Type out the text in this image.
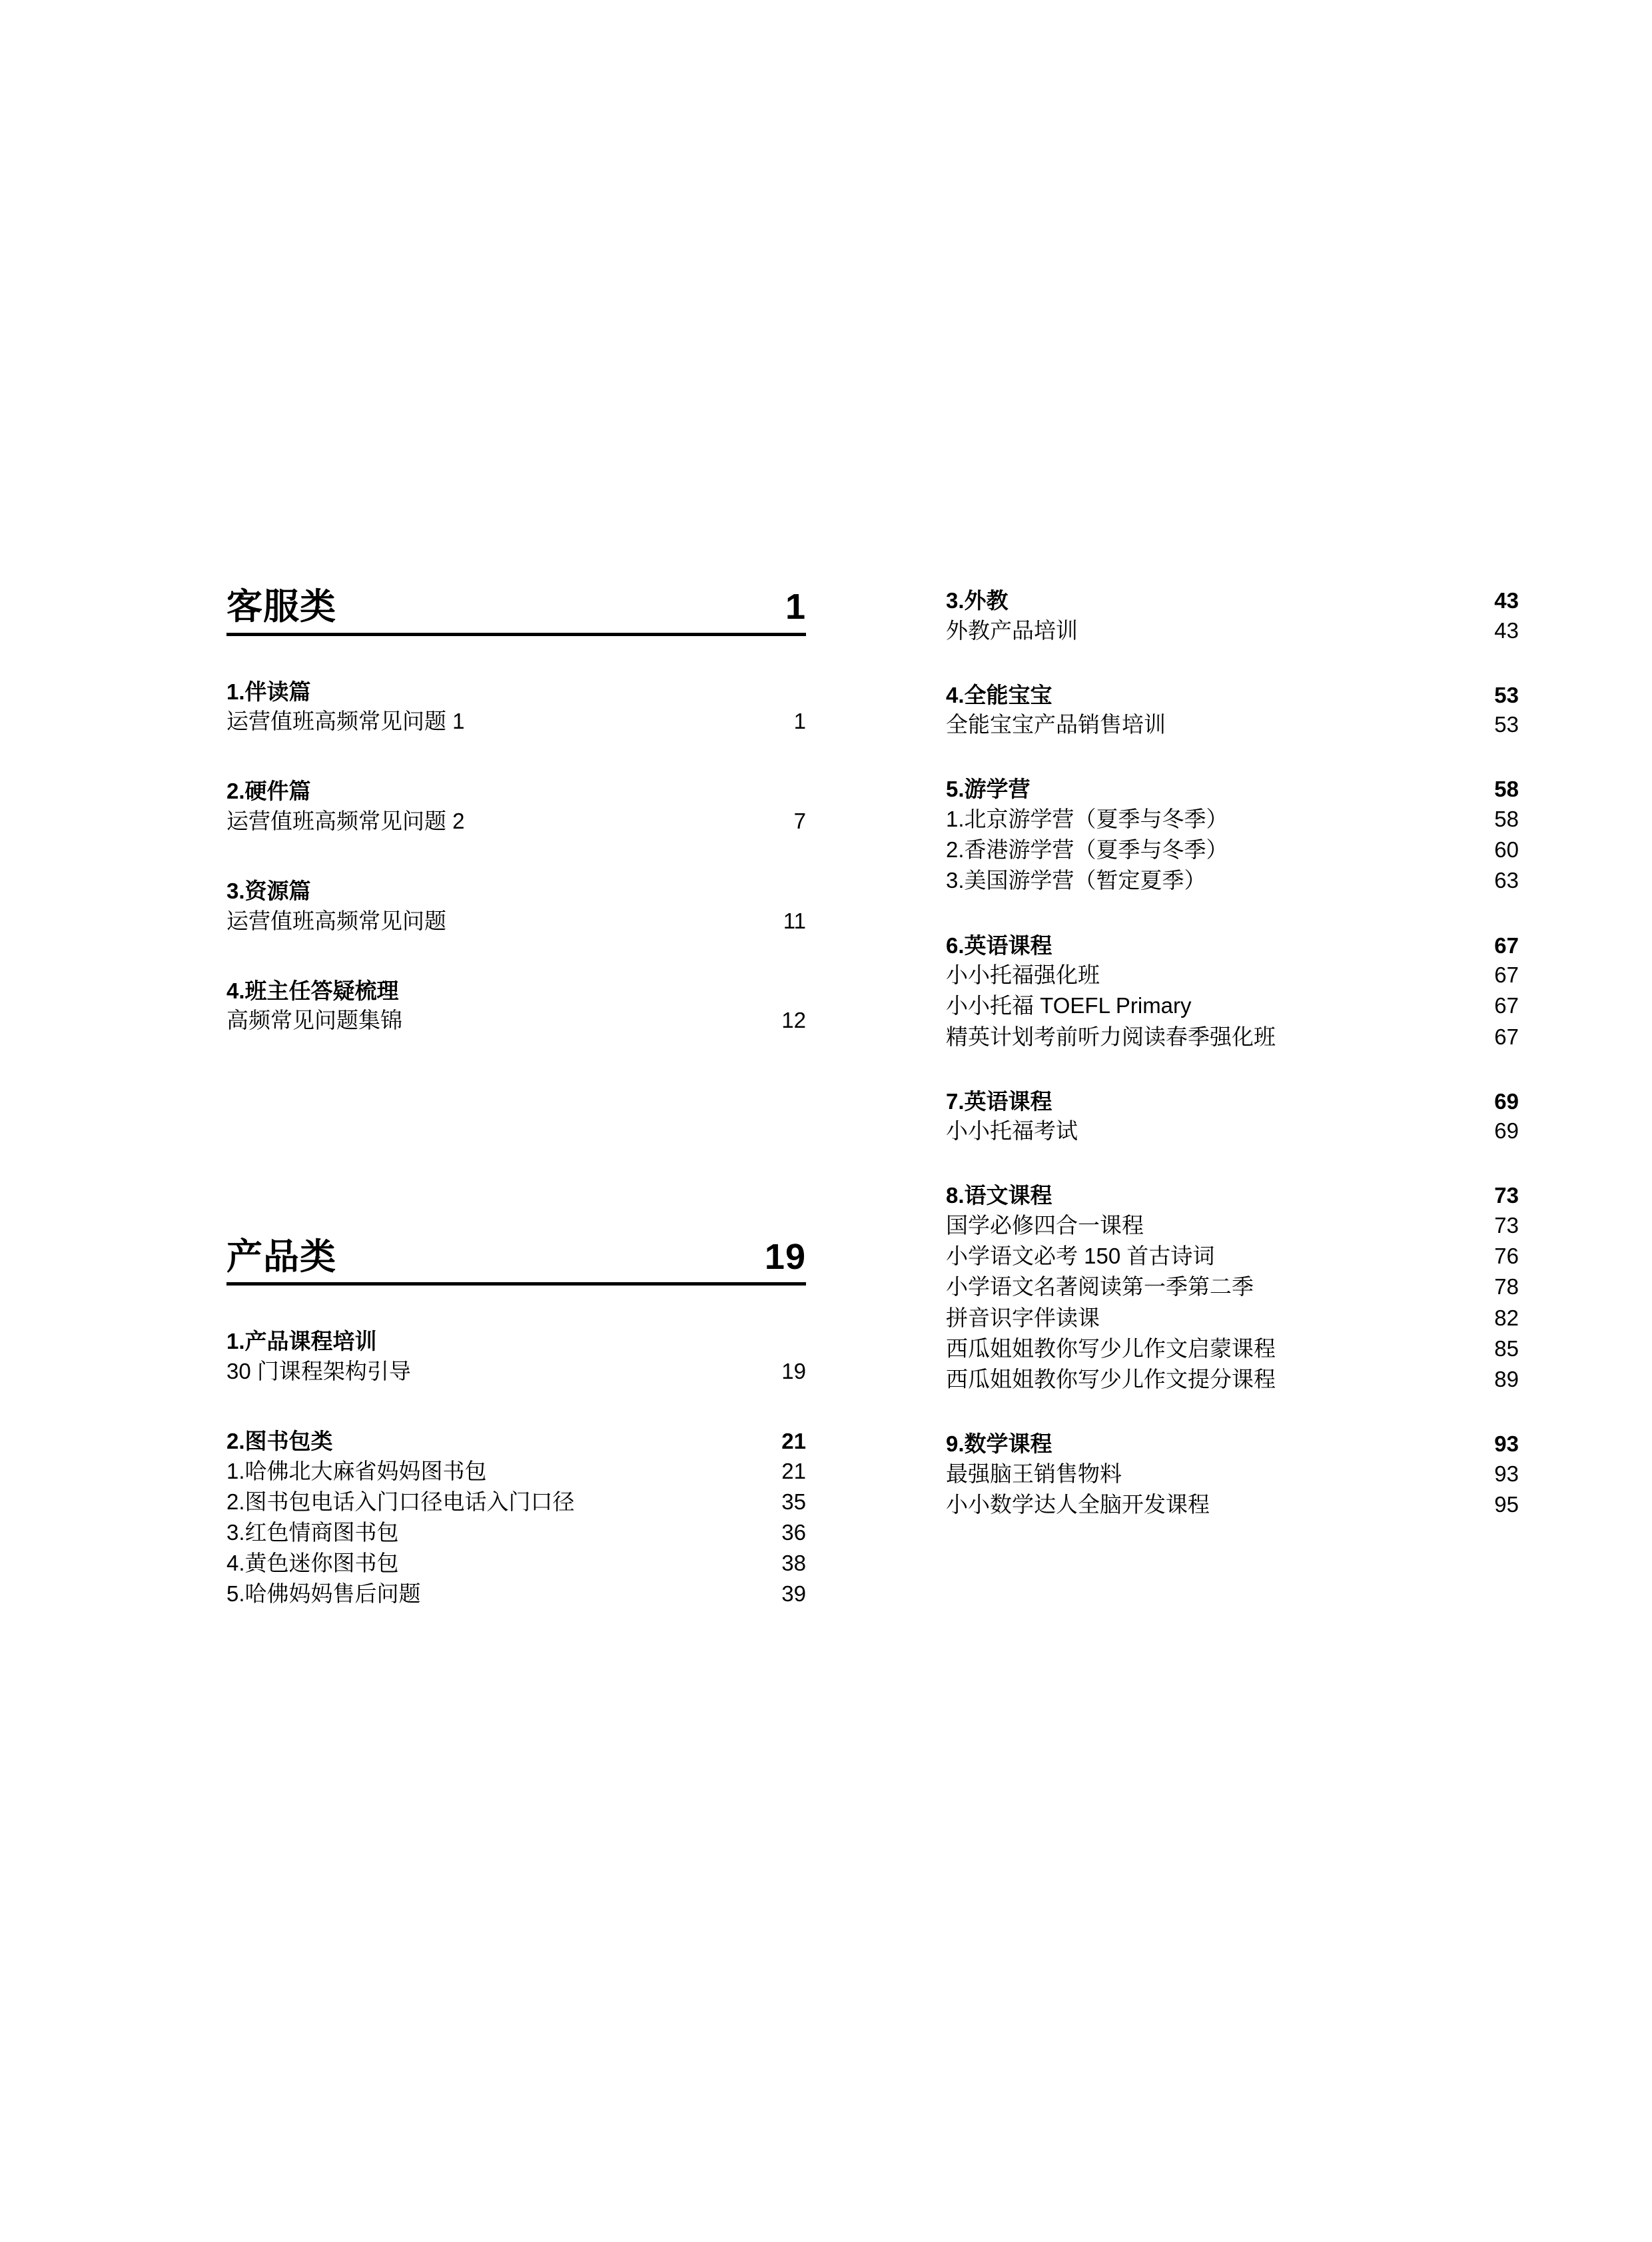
客服类	1
1.伴读篇
运营值班高频常见问题 1	1
2.硬件篇
运营值班高频常见问题 2	7
3.资源篇
运营值班高频常见问题	11
4.班主任答疑梳理
高频常见问题集锦	12
产品类	19
1.产品课程培训
30 门课程架构引导	19
2.图书包类	21
1.哈佛北大麻省妈妈图书包	21
2.图书包电话入门口径电话入门口径	35
3.红色情商图书包	36
4.黄色迷你图书包	38
5.哈佛妈妈售后问题	39
3.外教	43
外教产品培训	43
4.全能宝宝	53
全能宝宝产品销售培训	53
5.游学营	58
1.北京游学营（夏季与冬季）	58
2.香港游学营（夏季与冬季）	60
3.美国游学营（暂定夏季）	63
6.英语课程	67
小小托福强化班	67
小小托福 TOEFL Primary	67
精英计划考前听力阅读春季强化班	67
7.英语课程	69
小小托福考试	69
8.语文课程	73
国学必修四合一课程	73
小学语文必考 150 首古诗词	76
小学语文名著阅读第一季第二季	78
拼音识字伴读课	82
西瓜姐姐教你写少儿作文启蒙课程	85
西瓜姐姐教你写少儿作文提分课程	89
9.数学课程	93
最强脑王销售物料	93
小小数学达人全脑开发课程	95
